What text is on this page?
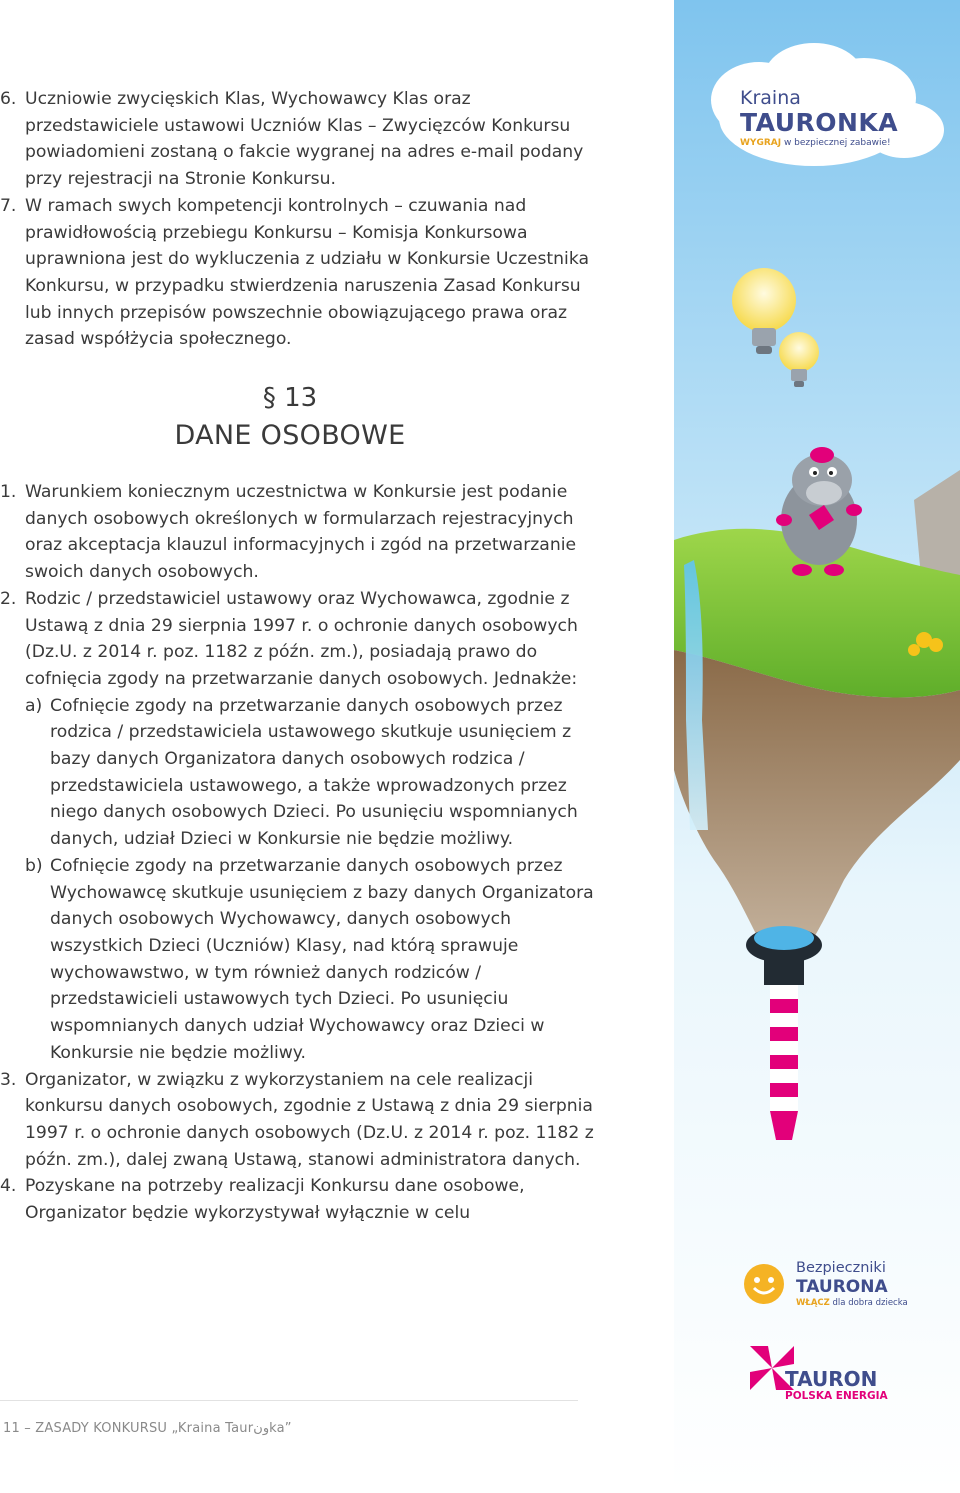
6. Uczniowie zwycięskich Klas, Wychowawcy Klas oraz przedstawiciele ustawowi Uczniów Klas – Zwycięzców Konkursu powiadomieni zostaną o fakcie wygranej na adres e-mail podany przy rejestracji na Stronie Konkursu.
7. W ramach swych kompetencji kontrolnych – czuwania nad prawidłowością przebiegu Konkursu – Komisja Konkursowa uprawniona jest do wykluczenia z udziału w Konkursie Uczestnika Konkursu, w przypadku stwierdzenia naruszenia Zasad Konkursu lub innych przepisów powszechnie obowiązującego prawa oraz zasad współżycia społecznego.
§ 13
DANE OSOBOWE
1. Warunkiem koniecznym uczestnictwa w Konkursie jest podanie danych osobowych określonych w formularzach rejestracyjnych oraz akceptacja klauzul informacyjnych i zgód na przetwarzanie swoich danych osobowych.
2. Rodzic / przedstawiciel ustawowy oraz Wychowawca, zgodnie z Ustawą z dnia 29 sierpnia 1997 r. o ochronie danych osobowych (Dz.U. z 2014 r. poz. 1182 z późn. zm.), posiadają prawo do cofnięcia zgody na przetwarzanie danych osobowych. Jednakże:
a) Cofnięcie zgody na przetwarzanie danych osobowych przez rodzica / przedstawiciela ustawowego skutkuje usunięciem z bazy danych Organizatora danych osobowych rodzica / przedstawiciela ustawowego, a także wprowadzonych przez niego danych osobowych Dzieci. Po usunięciu wspomnianych danych, udział Dzieci w Konkursie nie będzie możliwy.
b) Cofnięcie zgody na przetwarzanie danych osobowych przez Wychowawcę skutkuje usunięciem z bazy danych Organizatora danych osobowych Wychowawcy, danych osobowych wszystkich Dzieci (Uczniów) Klasy, nad którą sprawuje wychowawstwo, w tym również danych rodziców / przedstawicieli ustawowych tych Dzieci. Po usunięciu wspomnianych danych udział Wychowawcy oraz Dzieci w Konkursie nie będzie możliwy.
3. Organizator, w związku z wykorzystaniem na cele realizacji konkursu danych osobowych, zgodnie z Ustawą z dnia 29 sierpnia 1997 r. o ochronie danych osobowych (Dz.U. z 2014 r. poz. 1182 z późn. zm.), dalej zwaną Ustawą, stanowi administratora danych.
4. Pozyskane na potrzeby realizacji Konkursu dane osobowe, Organizator będzie wykorzystywał wyłącznie w celu
11 – ZASADY KONKURSU „Kraina Taurونka”
Kraina
TAURONKA
WYGRAJ w bezpiecznej zabawie!
Bezpieczniki
TAURONA
WŁĄCZ dla dobra dziecka
TAURON
POLSKA ENERGIA
